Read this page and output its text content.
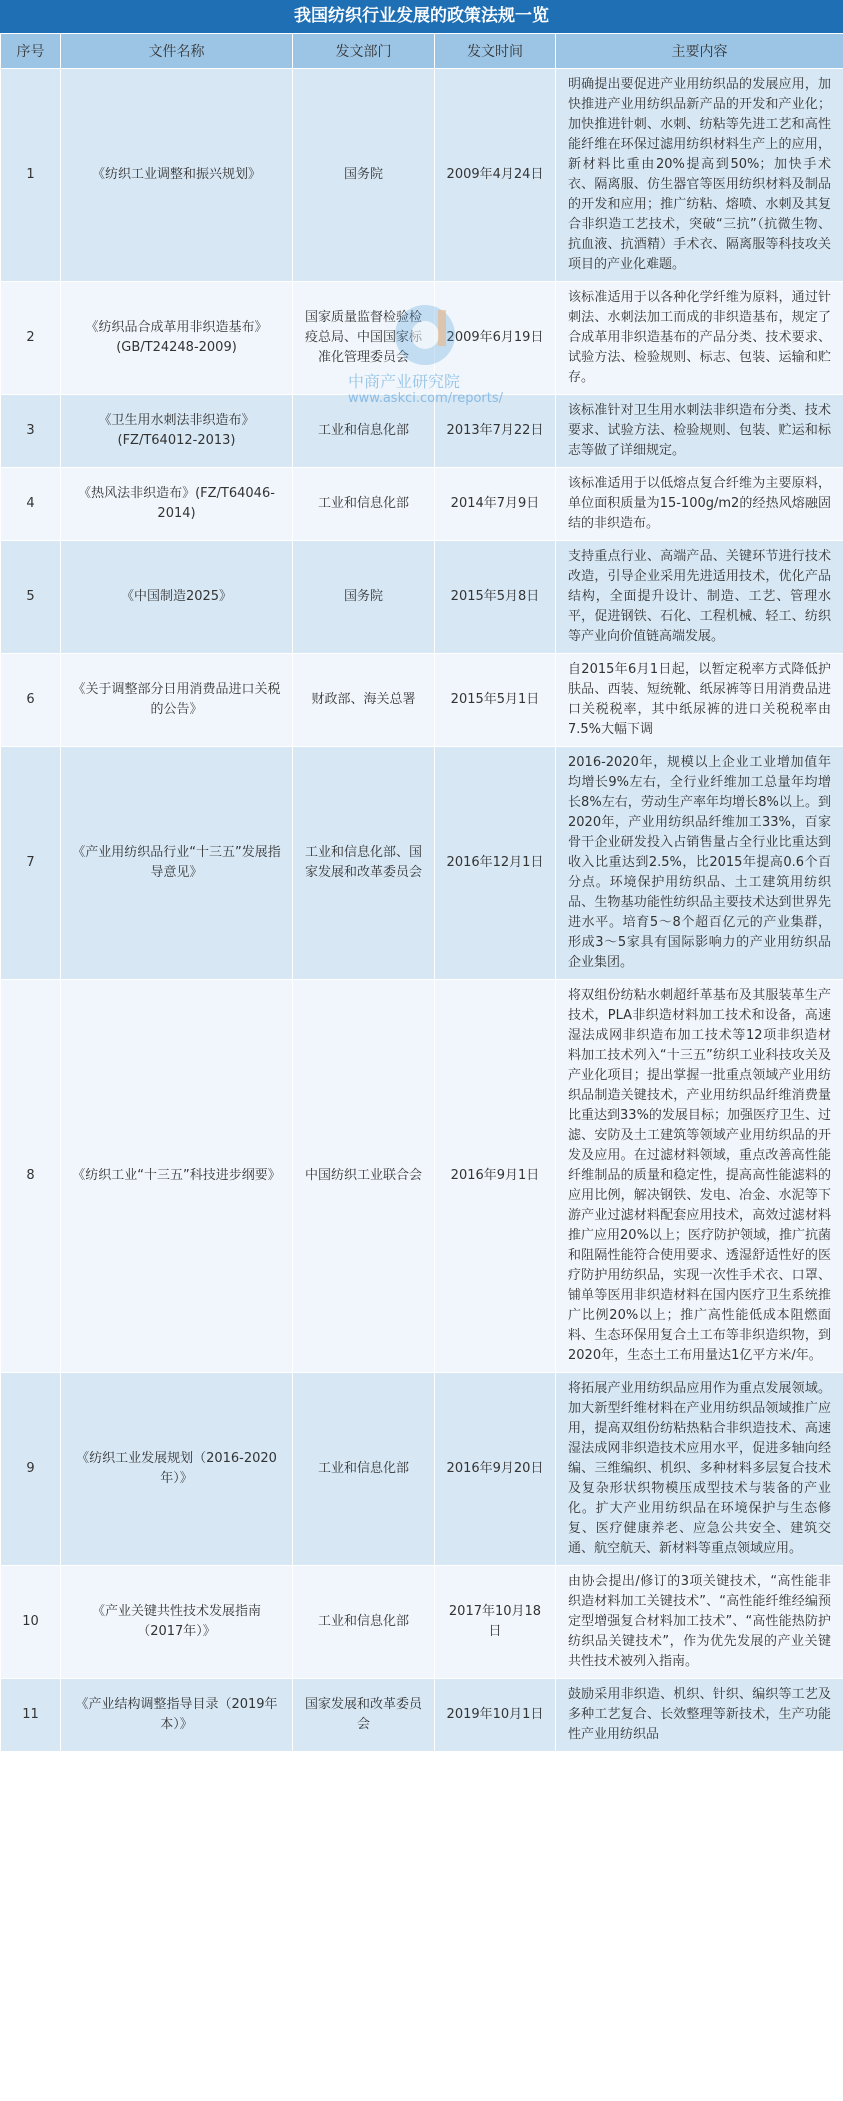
我国纺织行业发展的政策法规一览
序号	文件名称	发文部门	发文时间	主要内容
1	《纺织工业调整和振兴规划》	国务院	2009年4月24日	明确提出要促进产业用纺织品的发展应用，加快推进产业用纺织品新产品的开发和产业化；加快推进针刺、水刺、纺粘等先进工艺和高性能纤维在环保过滤用纺织材料生产上的应用，新材料比重由20%提高到50%；加快手术衣、隔离服、仿生器官等医用纺织材料及制品的开发和应用；推广纺粘、熔喷、水刺及其复合非织造工艺技术，突破“三抗”（抗微生物、抗血液、抗酒精）手术衣、隔离服等科技攻关项目的产业化难题。
2	《纺织品合成革用非织造基布》(GB/T24248-2009)	国家质量监督检验检疫总局、中国国家标准化管理委员会	2009年6月19日	该标准适用于以各种化学纤维为原料，通过针刺法、水刺法加工而成的非织造基布，规定了合成革用非织造基布的产品分类、技术要求、试验方法、检验规则、标志、包装、运输和贮存。
3	《卫生用水刺法非织造布》(FZ/T64012-2013)	工业和信息化部	2013年7月22日	该标准针对卫生用水刺法非织造布分类、技术要求、试验方法、检验规则、包装、贮运和标志等做了详细规定。
4	《热风法非织造布》(FZ/T64046-2014)	工业和信息化部	2014年7月9日	该标准适用于以低熔点复合纤维为主要原料，单位面积质量为15-100g/m2的经热风熔融固结的非织造布。
5	《中国制造2025》	国务院	2015年5月8日	支持重点行业、高端产品、关键环节进行技术改造，引导企业采用先进适用技术，优化产品结构，全面提升设计、制造、工艺、管理水平，促进钢铁、石化、工程机械、轻工、纺织等产业向价值链高端发展。
6	《关于调整部分日用消费品进口关税的公告》	财政部、海关总署	2015年5月1日	自2015年6月1日起，以暂定税率方式降低护肤品、西装、短统靴、纸尿裤等日用消费品进口关税税率，其中纸尿裤的进口关税税率由7.5%大幅下调
7	《产业用纺织品行业“十三五”发展指导意见》	工业和信息化部、国家发展和改革委员会	2016年12月1日	2016-2020年，规模以上企业工业增加值年均增长9%左右，全行业纤维加工总量年均增长8%左右，劳动生产率年均增长8%以上。到2020年，产业用纺织品纤维加工33%，百家骨干企业研发投入占销售量占全行业比重达到收入比重达到2.5%，比2015年提高0.6个百分点。环境保护用纺织品、土工建筑用纺织品、生物基功能性纺织品主要技术达到世界先进水平。培育5～8个超百亿元的产业集群，形成3～5家具有国际影响力的产业用纺织品企业集团。
8	《纺织工业“十三五”科技进步纲要》	中国纺织工业联合会	2016年9月1日	将双组份纺粘水刺超纤革基布及其服装革生产技术，PLA非织造材料加工技术和设备，高速湿法成网非织造布加工技术等12项非织造材料加工技术列入“十三五”纺织工业科技攻关及产业化项目；提出掌握一批重点领域产业用纺织品制造关键技术，产业用纺织品纤维消费量比重达到33%的发展目标；加强医疗卫生、过滤、安防及土工建筑等领域产业用纺织品的开发及应用。在过滤材料领域，重点改善高性能纤维制品的质量和稳定性，提高高性能滤料的应用比例，解决钢铁、发电、冶金、水泥等下游产业过滤材料配套应用技术，高效过滤材料推广应用20%以上；医疗防护领域，推广抗菌和阻隔性能符合使用要求、透湿舒适性好的医疗防护用纺织品，实现一次性手术衣、口罩、铺单等医用非织造材料在国内医疗卫生系统推广比例20%以上；推广高性能低成本阻燃面料、生态环保用复合土工布等非织造织物，到2020年，生态土工布用量达1亿平方米/年。
9	《纺织工业发展规划（2016-2020年）》	工业和信息化部	2016年9月20日	将拓展产业用纺织品应用作为重点发展领域。加大新型纤维材料在产业用纺织品领域推广应用，提高双组份纺粘热粘合非织造技术、高速湿法成网非织造技术应用水平，促进多轴向经编、三维编织、机织、多种材料多层复合技术及复杂形状织物模压成型技术与装备的产业化。扩大产业用纺织品在环境保护与生态修复、医疗健康养老、应急公共安全、建筑交通、航空航天、新材料等重点领域应用。
10	《产业关键共性技术发展指南（2017年）》	工业和信息化部	2017年10月18日	由协会提出/修订的3项关键技术，“高性能非织造材料加工关键技术”、“高性能纤维经编预定型增强复合材料加工技术”、“高性能热防护纺织品关键技术”，作为优先发展的产业关键共性技术被列入指南。
11	《产业结构调整指导目录（2019年本）》	国家发展和改革委员会	2019年10月1日	鼓励采用非织造、机织、针织、编织等工艺及多种工艺复合、长效整理等新技术，生产功能性产业用纺织品
中商产业研究院
www.askci.com/reports/
